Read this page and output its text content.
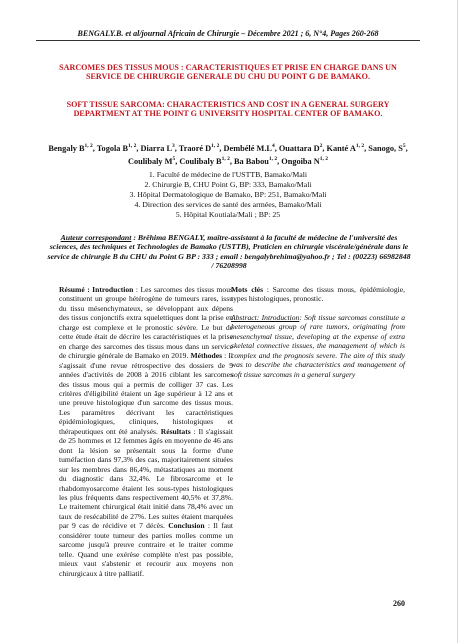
BENGALY.B. et al/journal Africain de Chirurgie – Décembre 2021 ; 6, N°4, Pages 260-268
SARCOMES DES TISSUS MOUS : CARACTERISTIQUES ET PRISE EN CHARGE DANS UN SERVICE DE CHIRURGIE GENERALE DU CHU DU POINT G DE BAMAKO.
SOFT TISSUE SARCOMA: CHARACTERISTICS AND COST IN A GENERAL SURGERY DEPARTMENT AT THE POINT G UNIVERSITY HOSPITAL CENTER OF BAMAKO.
Bengaly B$^{1, 2}$, Togola B$^{1, 2}$, Diarra $L^3$, Traoré D$^{1, 2}$, Dembélé $M.L^4$, Ouattara $D^2$, Kanté A$^{1, 2}$, Sanogo, $S^5$, Coulibaly $M^5$, Coulibaly B$^{1, 2}$, Ba Babou$^{1, 2}$, Ongoiba N$^{1, 2}$
1. Faculté de médecine de l'USTTB, Bamako/Mali
2. Chirurgie B, CHU Point G, BP: 333, Bamako/Mali
3. Hôpital Dermatologique de Bamako, BP: 251, Bamako/Mali
4. Direction des services de santé des armées, Bamako/Mali
5. Hôpital Koutiala/Mali ; BP: 25
Auteur correspondant : Brêhima BENGALY, maître-assistant à la faculté de médecine de l'université des sciences, des techniques et Technologies de Bamako (USTTB), Praticien en chirurgie viscérale/générale dans le service de chirurgie B du CHU du Point G BP : 333 ; email : bengalybrehima@yahoo.fr ; Tel : (00223) 66982848 / 76208998

Résumé : Introduction : Les sarcomes des tissus mous constituent un groupe hétérogène de tumeurs rares, issu du tissu mésenchymateux, se développant aux dépens des tissus conjonctifs extra squelettiques dont la prise en charge est complexe et le pronostic sévère. Le but de cette étude était de décrire les caractéristiques et la prise en charge des sarcomes des tissus mous dans un service de chirurgie générale de Bamako en 2019. Méthodes : Il s'agissait d'une revue rétrospective des dossiers de 9 années d'activités de 2008 à 2016 ciblant les sarcomes des tissus mous qui a permis de colliger 37 cas. Les critères d'éligibilité étaient un âge supérieur à 12 ans et une preuve histologique d'un sarcome des tissus mous. Les paramètres décrivant les caractéristiques épidémiologiques, cliniques, histologiques et thérapeutiques ont été analysés. Résultats : Il s'agissait de 25 hommes et 12 femmes âgés en moyenne de 46 ans dont la lésion se présentait sous la forme d'une tuméfaction dans 97,3% des cas, majoritairement situées sur les membres dans 86,4%, métastatiques au moment du diagnostic dans 32,4%. Le fibrosarcome et le rhabdomyosarcome étaient les sous-types histologiques les plus fréquents dans respectivement 40,5% et 37,8%. Le traitement chirurgical était initié dans 78,4% avec un taux de resécabilité de 27%. Les suites étaient marquées par 9 cas de récidive et 7 décès. Conclusion : Il faut considérer toute tumeur des parties molles comme un sarcome jusqu'à preuve contraire et le traiter comme telle. Quand une exérèse complète n'est pas possible, mieux vaut s'abstenir et recourir aux moyens non chirurgicaux à titre palliatif.

Mots clés : Sarcome des tissus mous, épidémiologie, types histologiques, pronostic.

Abstract: Introduction: Soft tissue sarcomas constitute a heterogeneous group of rare tumors, originating from mesenchymal tissue, developing at the expense of extra skeletal connective tissues, the management of which is complex and the prognosis severe. The aim of this study was to describe the characteristics and management of soft tissue sarcomas in a general surgery

260
